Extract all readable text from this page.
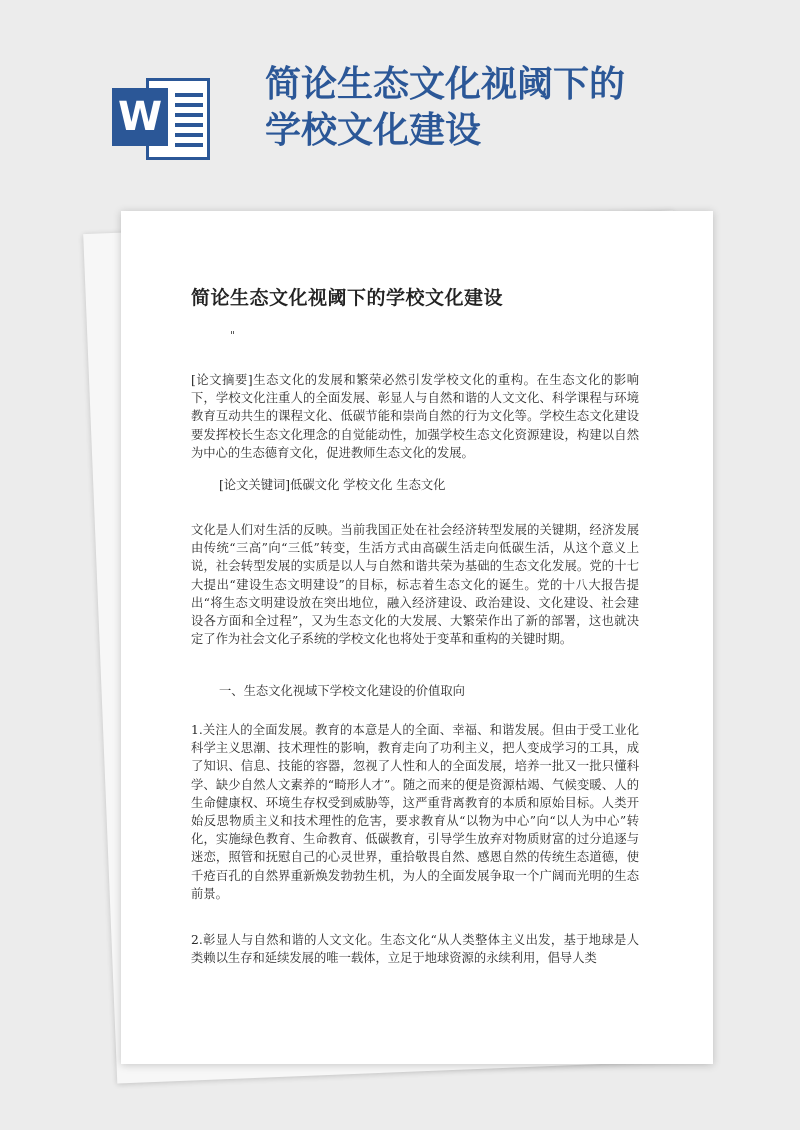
W
简论生态文化视阈下的
学校文化建设
简论生态文化视阈下的学校文化建设
"

[论文摘要]生态文化的发展和繁荣必然引发学校文化的重构。在生态文化的影响下，学校文化注重人的全面发展、彰显人与自然和谐的人文文化、科学课程与环境教育互动共生的课程文化、低碳节能和崇尚自然的行为文化等。学校生态文化建设要发挥校长生态文化理念的自觉能动性，加强学校生态文化资源建设，构建以自然为中心的生态德育文化，促进教师生态文化的发展。

[论文关键词]低碳文化 学校文化 生态文化

文化是人们对生活的反映。当前我国正处在社会经济转型发展的关键期，经济发展由传统“三高”向“三低”转变，生活方式由高碳生活走向低碳生活，从这个意义上说，社会转型发展的实质是以人与自然和谐共荣为基础的生态文化发展。党的十七大提出“建设生态文明建设”的目标，标志着生态文化的诞生。党的十八大报告提出“将生态文明建设放在突出地位，融入经济建设、政治建设、文化建设、社会建设各方面和全过程”，又为生态文化的大发展、大繁荣作出了新的部署，这也就决定了作为社会文化子系统的学校文化也将处于变革和重构的关键时期。

一、生态文化视域下学校文化建设的价值取向

1.关注人的全面发展。教育的本意是人的全面、幸福、和谐发展。但由于受工业化科学主义思潮、技术理性的影响，教育走向了功利主义，把人变成学习的工具，成了知识、信息、技能的容器，忽视了人性和人的全面发展，培养一批又一批只懂科学、缺少自然人文素养的“畸形人才”。随之而来的便是资源枯竭、气候变暖、人的生命健康权、环境生存权受到威胁等，这严重背离教育的本质和原始目标。人类开始反思物质主义和技术理性的危害，要求教育从“以物为中心”向“以人为中心”转化，实施绿色教育、生命教育、低碳教育，引导学生放弃对物质财富的过分追逐与迷恋，照管和抚慰自己的心灵世界，重拾敬畏自然、感恩自然的传统生态道德，使千疮百孔的自然界重新焕发勃勃生机，为人的全面发展争取一个广阔而光明的生态前景。

2.彰显人与自然和谐的人文文化。生态文化“从人类整体主义出发，基于地球是人类赖以生存和延续发展的唯一载体，立足于地球资源的永续利用，倡导人类
